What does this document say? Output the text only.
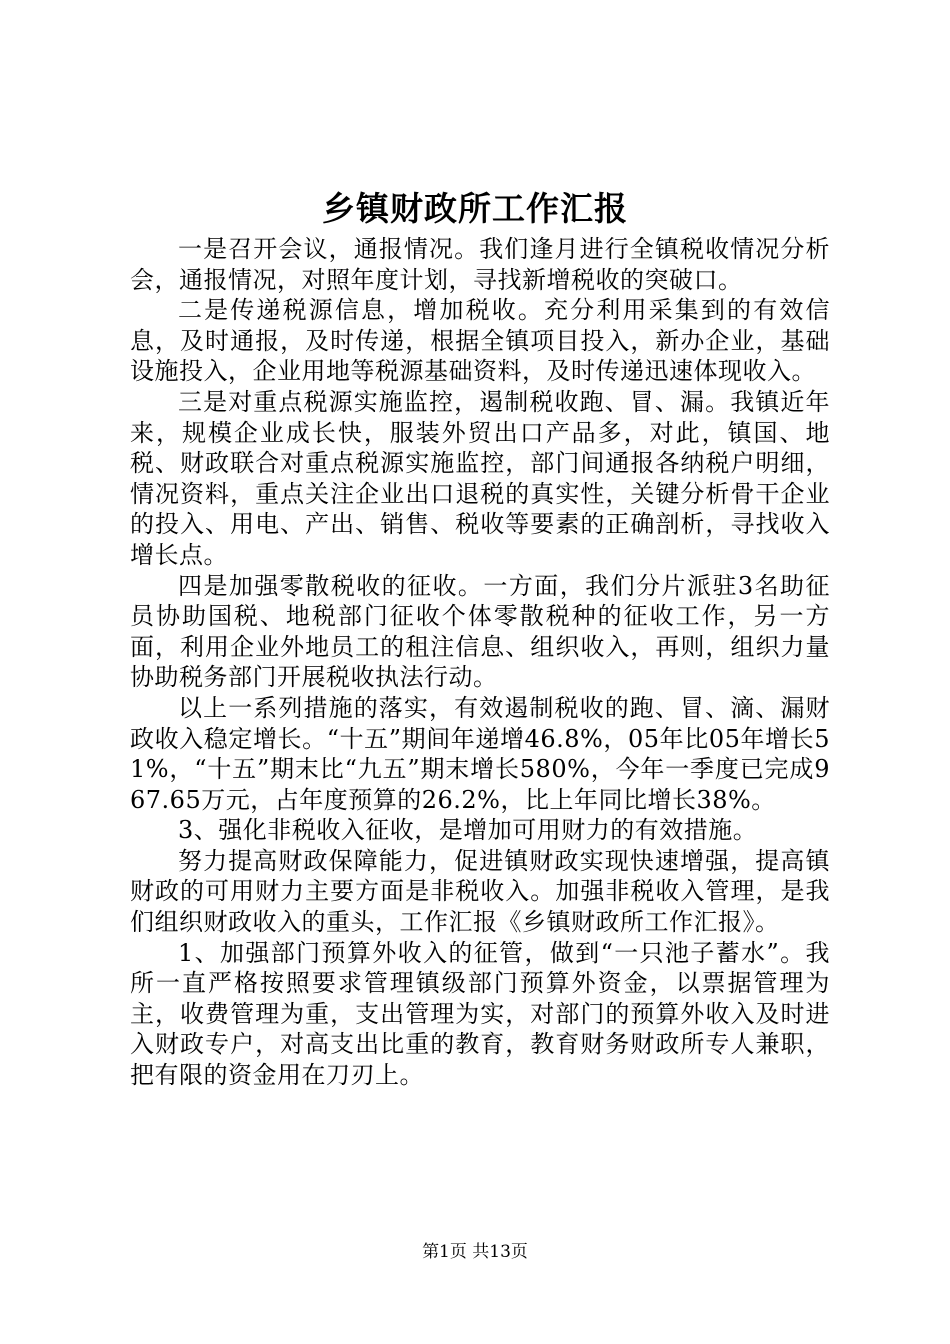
乡镇财政所工作汇报

一是召开会议，通报情况。我们逢月进行全镇税收情况分析会，通报情况，对照年度计划，寻找新增税收的突破口。

二是传递税源信息，增加税收。充分利用采集到的有效信息，及时通报，及时传递，根据全镇项目投入，新办企业，基础设施投入，企业用地等税源基础资料，及时传递迅速体现收入。

三是对重点税源实施监控，遏制税收跑、冒、漏。我镇近年来，规模企业成长快，服装外贸出口产品多，对此，镇国、地税、财政联合对重点税源实施监控，部门间通报各纳税户明细，情况资料，重点关注企业出口退税的真实性，关键分析骨干企业的投入、用电、产出、销售、税收等要素的正确剖析，寻找收入增长点。

四是加强零散税收的征收。一方面，我们分片派驻3名助征员协助国税、地税部门征收个体零散税种的征收工作，另一方面，利用企业外地员工的租注信息、组织收入，再则，组织力量协助税务部门开展税收执法行动。

以上一系列措施的落实，有效遏制税收的跑、冒、滴、漏财政收入稳定增长。“十五”期间年递增46.8%，05年比05年增长51%，“十五”期末比“九五”期末增长580%，今年一季度已完成967.65万元，占年度预算的26.2%，比上年同比增长38%。

3、强化非税收入征收，是增加可用财力的有效措施。

努力提高财政保障能力，促进镇财政实现快速增强，提高镇财政的可用财力主要方面是非税收入。加强非税收入管理，是我们组织财政收入的重头，工作汇报《乡镇财政所工作汇报》。

1、加强部门预算外收入的征管，做到“一只池子蓄水”。我所一直严格按照要求管理镇级部门预算外资金，以票据管理为主，收费管理为重，支出管理为实，对部门的预算外收入及时进入财政专户，对高支出比重的教育，教育财务财政所专人兼职，把有限的资金用在刀刃上。

第1页 共13页
